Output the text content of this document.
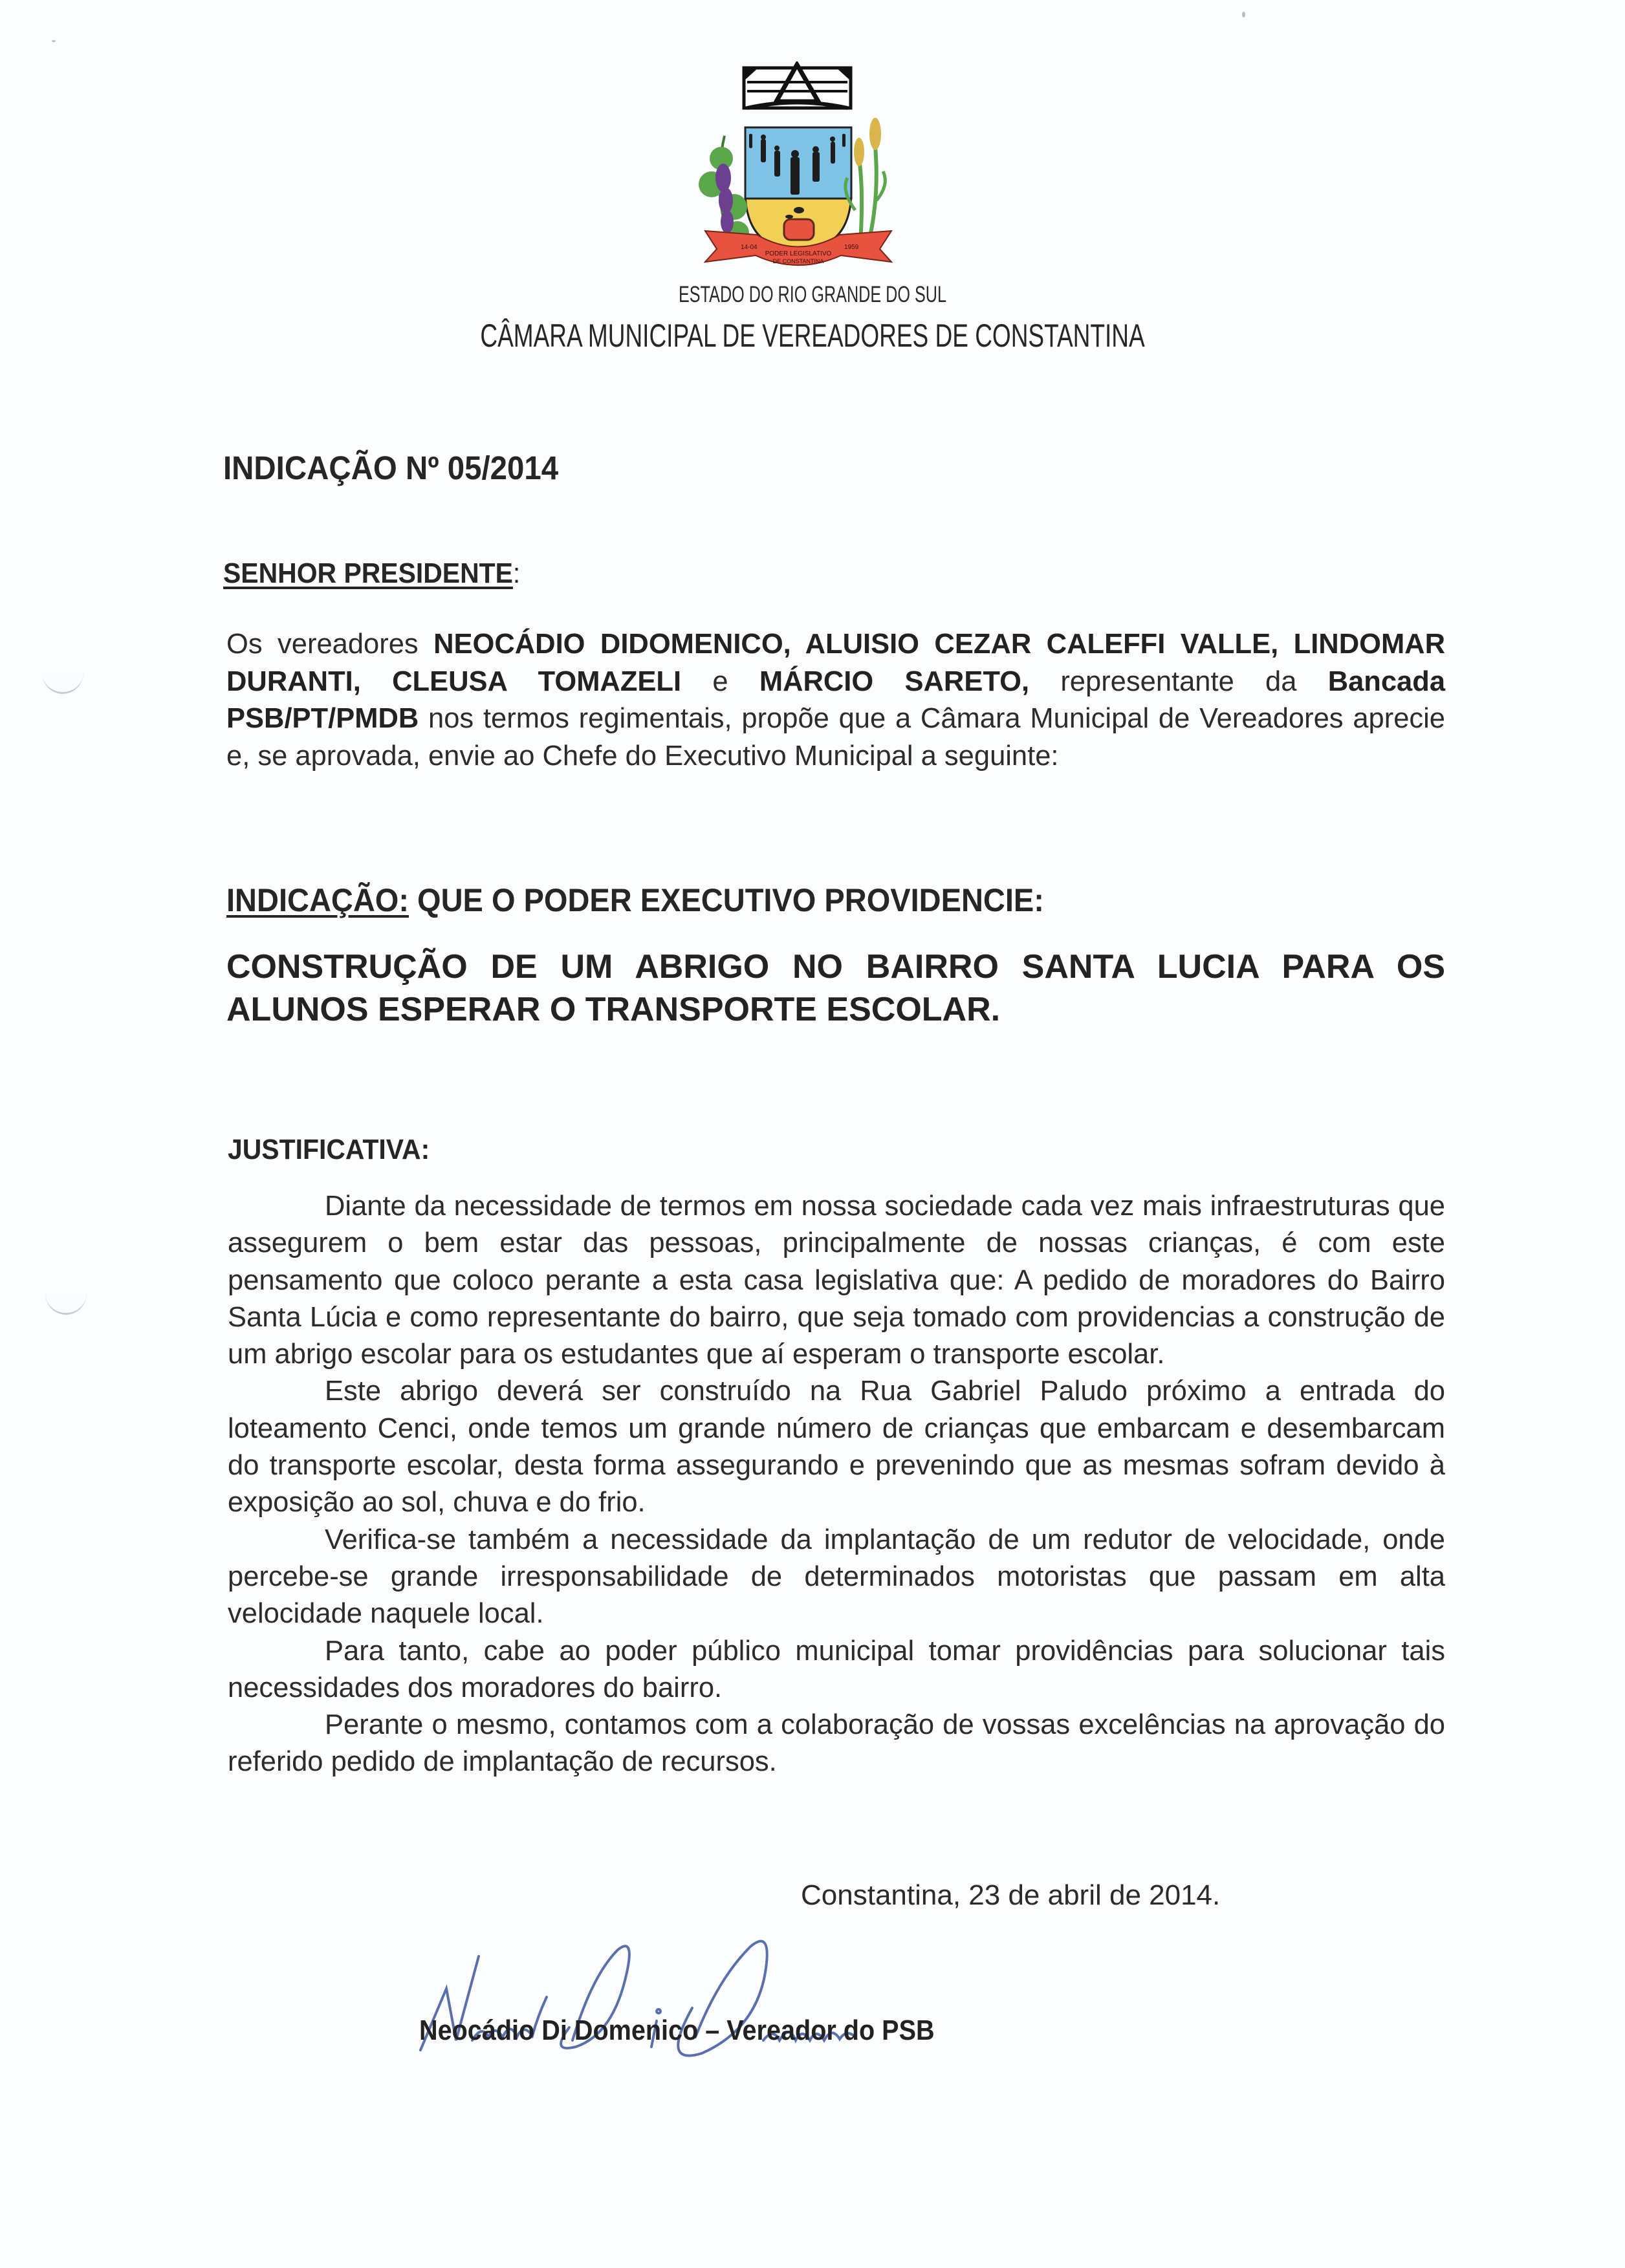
14-04	1959
PODER LEGISLATIVO
DE CONSTANTINA
ESTADO DO RIO GRANDE DO SUL
CÂMARA MUNICIPAL DE VEREADORES DE CONSTANTINA
INDICAÇÃO Nº 05/2014
SENHOR PRESIDENTE:
Os vereadores NEOCÁDIO DIDOMENICO, ALUISIO CEZAR CALEFFI VALLE, LINDOMAR DURANTI, CLEUSA TOMAZELI e MÁRCIO SARETO, representante da Bancada PSB/PT/PMDB nos termos regimentais, propõe que a Câmara Municipal de Vereadores aprecie e, se aprovada, envie ao Chefe do Executivo Municipal a seguinte:
INDICAÇÃO: QUE O PODER EXECUTIVO PROVIDENCIE:
CONSTRUÇÃO DE UM ABRIGO NO BAIRRO SANTA LUCIA PARA OS ALUNOS ESPERAR O TRANSPORTE ESCOLAR.
JUSTIFICATIVA:

Diante da necessidade de termos em nossa sociedade cada vez mais infraestruturas que assegurem o bem estar das pessoas, principalmente de nossas crianças, é com este pensamento que coloco perante a esta casa legislativa que: A pedido de moradores do Bairro Santa Lúcia e como representante do bairro, que seja tomado com providencias a construção de um abrigo escolar para os estudantes que aí esperam o transporte escolar.

Este abrigo deverá ser construído na Rua Gabriel Paludo próximo a entrada do loteamento Cenci, onde temos um grande número de crianças que embarcam e desembarcam do transporte escolar, desta forma assegurando e prevenindo que as mesmas sofram devido à exposição ao sol, chuva e do frio.

Verifica-se também a necessidade da implantação de um redutor de velocidade, onde percebe-se grande irresponsabilidade de determinados motoristas que passam em alta velocidade naquele local.

Para tanto, cabe ao poder público municipal tomar providências para solucionar tais necessidades dos moradores do bairro.

Perante o mesmo, contamos com a colaboração de vossas excelências na aprovação do referido pedido de implantação de recursos.

Constantina, 23 de abril de 2014.
Neocádio Di Domenico – Vereador do PSB
